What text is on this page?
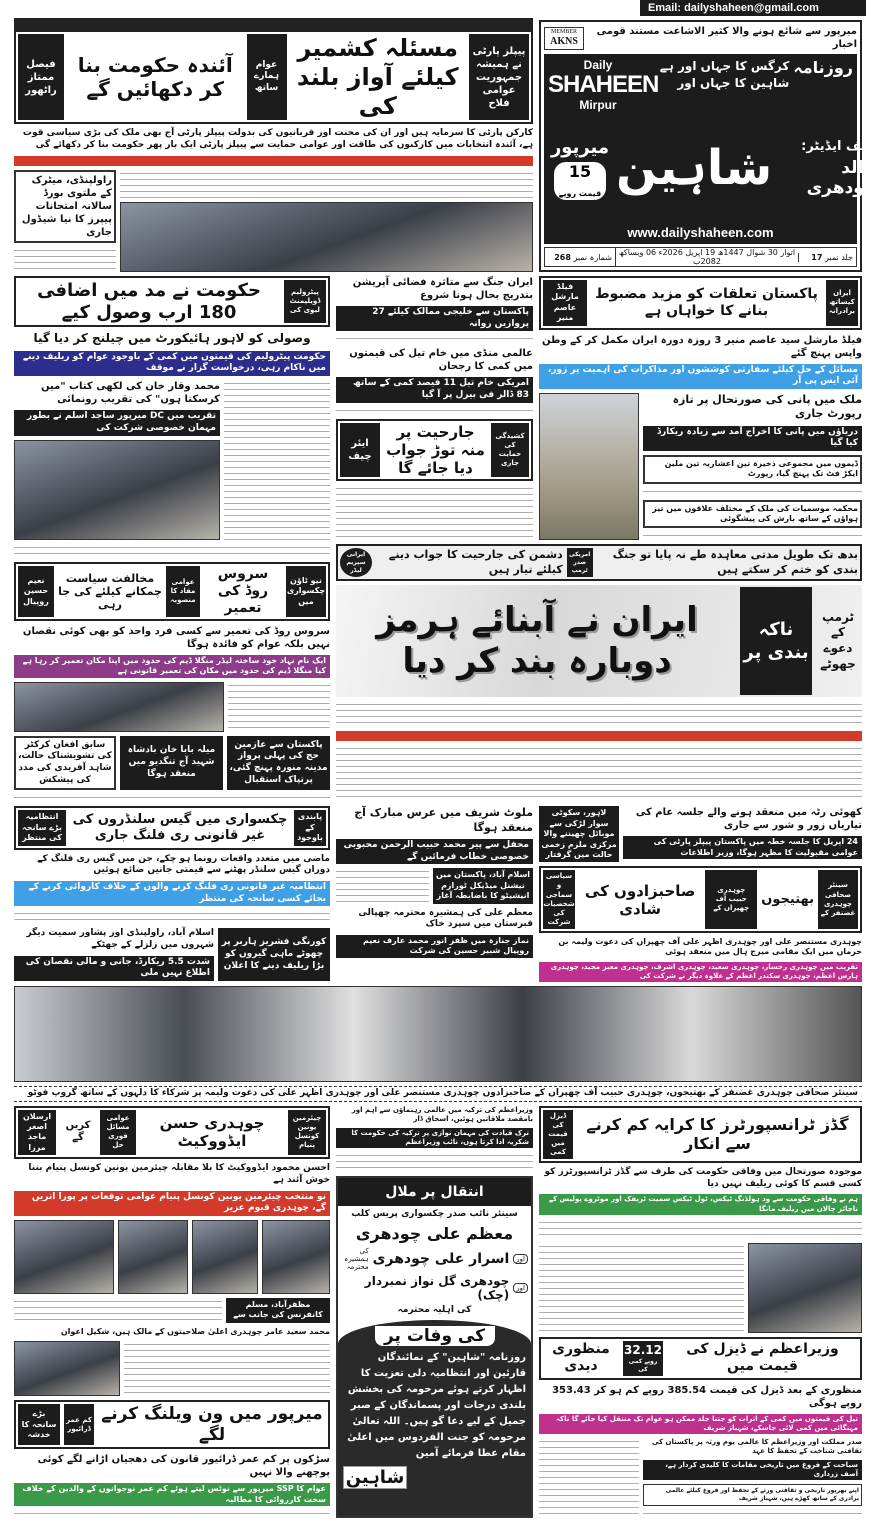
پیپلز پارٹی نے ہمیشہ جمہوریت عوامی فلاح
مسئلہ کشمیر کیلئے آواز بلند کی
عوام ہمارے ساتھ
آئندہ حکومت بنا کر دکھائیں گے
فیصل ممتاز راٹھور
کارکن پارٹی کا سرمایہ ہیں اور ان کی محنت اور قربانیوں کی بدولت پیپلز پارٹی آج بھی ملک کی بڑی سیاسی قوت ہے، آئندہ انتخابات میں کارکنوں کی طاقت اور عوامی حمایت سے پیپلز پارٹی ایک بار پھر حکومت بنا کر دکھائے گی
راولپنڈی، میٹرک کے ملتوی بورڈ سالانہ امتحانات پیپرز کا نیا شیڈول جاری
Email: dailyshaheen@gmail.com
MEMBER
AKNS
میرپور سے شائع ہونے والا کثیر الاشاعت مستند قومی اخبار
Daily
SHAHEEN
Mirpur
کرگس کا جہاں اور ہے شاہین کا جہاں اور
روزنامہ
میرپور
15
قیمت روپے شاہین	چیف ایڈیٹر:
خالد چودھری
www.dailyshaheen.com
جلد نمبر 17
اتوار 30 شوال 1447ھ 19 اپریل 2026ء 06 ویساکھ 2082ب
شمارہ نمبر 268
پیٹرولیم ڈویلپمنٹ لیوی کی
حکومت نے مد میں اضافی 180 ارب وصول کیے
وصولی کو لاہور ہائیکورٹ میں چیلنج کر دیا گیا
حکومت پیٹرولیم کی قیمتوں میں کمی کے باوجود عوام کو ریلیف دینے میں ناکام رہی، درخواست گزار نے موقف
محمد وقار خان کی لکھی کتاب "میں کرسکتا ہوں" کی تقریب رونمائی
تقریب میں DC میرپور ساجد اسلم نے بطور مہمان خصوصی شرکت کی
ایران جنگ سے متاثرہ فضائی آپریشن بتدریج بحال ہونا شروع
پاکستان سے خلیجی ممالک کیلئے 27 پروازیں روانہ
عالمی منڈی میں خام تیل کی قیمتوں میں کمی کا رجحان
امریکی خام تیل 11 فیصد کمی کے ساتھ 83 ڈالر فی بیرل پر آ گیا
کشیدگی کی حمایت جاری
جارحیت پر منہ توڑ جواب دیا جائے گا
ایئر چیف
ایران کیساتھ برادرانہ
پاکستان تعلقات کو مزید مضبوط بنانے کا خواہاں ہے
فیلڈ مارشل عاصم منیر
فیلڈ مارشل سید عاصم منیر 3 روزہ دورہ ایران مکمل کر کے وطن واپس پہنچ گئے
مسائل کے حل کیلئے سفارتی کوششوں اور مذاکرات کی اہمیت پر زور، آئی ایس پی آر
ملک میں پانی کی صورتحال پر تازہ رپورٹ جاری
دریاؤں میں پانی کا اخراج آمد سے زیادہ ریکارڈ کیا گیا
ڈیموں میں مجموعی ذخیرہ تین اعشاریہ تین ملین ایکڑ فٹ تک پہنچ گیا، رپورٹ
محکمہ موسمیات کی ملک کے مختلف علاقوں میں تیز ہواؤں کے ساتھ بارش کی پیشگوئی
نیو ٹاؤن چکسواری میں
سروس روڈ کی تعمیر
عوامی مفاد کا منصوبہ
مخالفت سیاست چمکانے کیلئے کی جا رہی
نعیم حسین روپیال
سروس روڈ کی تعمیر سے کسی فرد واحد کو بھی کوئی نقصان نہیں بلکہ عوام کو فائدہ ہوگا
ایک نام نہاد خود ساختہ لیڈر منگلا ڈیم کی حدود میں اپنا مکان تعمیر کر رہا ہے کیا منگلا ڈیم کی حدود میں مکان کی تعمیر قانونی ہے
سابق افغان کرکٹر کی تشویشناک حالت، شاہد آفریدی کی مدد کی پیشکش
میلہ بابا خان بادشاہ شہید آج تنگدیو میں منعقد ہوگا
پاکستان سے عازمین حج کی پہلی پرواز مدینہ منورہ پہنچ گئی، پرتپاک استقبال
بدھ تک طویل مدتی معاہدہ طے نہ پایا تو جنگ بندی کو ختم کر سکتے ہیں
امریکی صدر ٹرمپ
دشمن کی جارحیت کا جواب دینے کیلئے تیار ہیں
ایرانی سپریم لیڈر
ٹرمپ کے دعوے جھوٹے
ناکہ بندی پر
ایران نے آبنائے ہرمز دوبارہ بند کر دیا
پابندی کے باوجود
چکسواری میں گیس سلنڈروں کی غیر قانونی ری فلنگ جاری
انتظامیہ بڑے سانحہ کی منتظر
ماضی میں متعدد واقعات رونما ہو چکے، جن میں گیس ری فلنگ کے دوران گیس سلنڈر پھٹنے سے قیمتی جانیں ضائع ہوئیں
انتظامیہ غیر قانونی ری فلنگ کرنے والوں کے خلاف کاروائی کرنے کے بجائے کسی سانحہ کی منتظر
اسلام آباد، راولپنڈی اور پشاور سمیت دیگر شہروں میں زلزلے کے جھٹکے
شدت 5.5 ریکارڈ، جانی و مالی نقصان کی اطلاع نہیں ملی
کورنگی فشریز ہاربر پر چھوٹے ماہی گیروں کو بڑا ریلیف دینے کا اعلان
ملوٹ شریف میں عرس مبارک آج منعقد ہوگا
محفل سے پیر محمد حبیب الرحمن محبوبی خصوصی خطاب فرمائیں گے
اسلام آباد، پاکستان میں نیشنل میڈیکل ٹورازم انیشیٹو کا باضابطہ آغاز
معظم علی کی ہمشیرہ محترمہ چھپالی قبرستان میں سپرد خاک
نماز جنازہ میں ظفر انور محمد عارف نعیم روپیال شبیر حسین کی شرکت
لاہور، سکوٹی سوار لڑکی سے موبائل چھیننے والا مرکزی ملزم زخمی حالت میں گرفتار
کھوئی رٹہ میں منعقد ہونے والے جلسہ عام کی تیاریاں زور و شور سے جاری
24 اپریل کا جلسہ خطہ میں پاکستان پیپلز پارٹی کی عوامی مقبولیت کا مظہر ہوگا، وزیر اطلاعات
سینئر صحافی چوہدری غضنفر کے
بھتیجوں
چوہدری حبیب آف چھپراں کے
صاحبزادوں کی شادی
سیاسی و سماجی شخصیات کی شرکت
چوہدری مستنصر علی اور چوہدری اظہر علی آف چھپراں کی دعوت ولیمہ بن خرماں میں ایک مقامی میرج ہال میں منعقد ہوئی
تقریب میں چوہدری رخسار، چوہدری سعید، چوہدری اشرف، چوہدری معیز مجید، چوہدری ہارس اعظم، چوہدری سکندر اعظم کے علاوہ دیگر نے شرکت کی
سینئر صحافی چوہدری غضنفر کے بھتیجوں، چوہدری حبیب آف چھپراں کے صاحبزادوں چوہدری مستنصر علی اور چوہدری اظہر علی کی دعوت ولیمہ پر شرکاء کا دلہوں کے ساتھ گروپ فوٹو
چیئرمین یونین کونسل پنیام
چوہدری حسن ایڈووکیٹ
عوامی مسائل فوری حل
کریں گے
ارسلان اصغر ماجد مرزا
احسن محمود ایڈووکیٹ کا بلا مقابلہ چیئرمین یونین کونسل پنیام بننا خوش آئند ہے
نو منتخب چیئرمین یونین کونسل پنیام عوامی توقعات پر پورا اتریں گے، چوہدری قیوم عزیز
مظفرآباد، مسلم کانفرنس کی جانب سے
محمد سعید عامر چوہدری اعلیٰ صلاحیتوں کے مالک ہیں، شکیل اعوان
میرپور میں ون ویلنگ کرنے لگے
کم عمر ڈرائیور
بڑے سانحہ کا خدشہ
سڑکوں پر کم عمر ڈرائیور قانون کی دھجیاں اڑانے لگے کوئی پوچھنے والا نہیں
عوام کا SSP میرپور سے نوٹس لیتے ہوئے کم عمر نوجوانوں کے والدین کے خلاف سخت کارروائی کا مطالبہ
وزیراعظم کی ترکیہ میں عالمی رہنماؤں سے اہم اور بامقصد ملاقاتیں ہوئیں، اسحاق ڈار
ترک قیادت کی مہمان نوازی پر ترکیہ کی حکومت کا شکریہ ادا کرتا ہوں، نائب وزیراعظم
انتقال پر ملال
سینئر نائب صدر چکسواری پریس کلب
معظم علی چودھری
اور
اسرار علی چودھری
کی ہمشیرہ محترمہ
اور
چودھری گل نواز نمبردار (چک)
کی اہلیہ محترمہ
کی وفات پر
روزنامہ "شاہین" کے نمائندگان قارئین اور انتظامیہ دلی تعزیت کا اظہار کرتے ہوئے مرحومہ کی بخشش بلندی درجات اور پسماندگان کے صبر جمیل کے لیے دعا گو ہیں۔ اللہ تعالیٰ مرحومہ کو جنت الفردوس میں اعلیٰ مقام عطا فرمائے آمین
شاہین
گڈز ٹرانسپورٹرز کا کرایہ کم کرنے سے انکار
ڈیزل کی قیمت میں کمی
موجودہ صورتحال میں وفاقی حکومت کی طرف سے گڈز ٹرانسپورٹرز کو کسی قسم کا کوئی ریلیف نہیں دیا
ہم نے وفاقی حکومت سے ود ہولڈنگ ٹیکس، ٹول ٹیکس سمیت ٹریفک اور موٹروے پولیس کے ناجائز چالان میں ریلیف مانگا
وزیراعظم نے ڈیزل کی قیمت میں
32.12
روپے کمی کی
منظوری دیدی
منظوری کے بعد ڈیزل کی قیمت 385.54 روپے کم ہو کر 353.43 روپے ہوگی
تیل کی قیمتوں میں کمی کے اثرات کو جتنا جلد ممکن ہو عوام تک منتقل کیا جائے گا تاکہ مہنگائی میں کمی لائی جاسکے، شہباز شریف
صدر مملکت اور وزیراعظم کا عالمی یوم ورثہ پر پاکستان کی ثقافتی شناخت کے تحفظ کا عہد
سیاحت کے فروغ میں تاریخی مقامات کا کلیدی کردار ہے، آصف زرداری
اپنے بھرپور تاریخی و ثقافتی ورثے کے تحفظ اور فروغ کیلئے عالمی برادری کے ساتھ کھڑے ہیں، شہباز شریف
